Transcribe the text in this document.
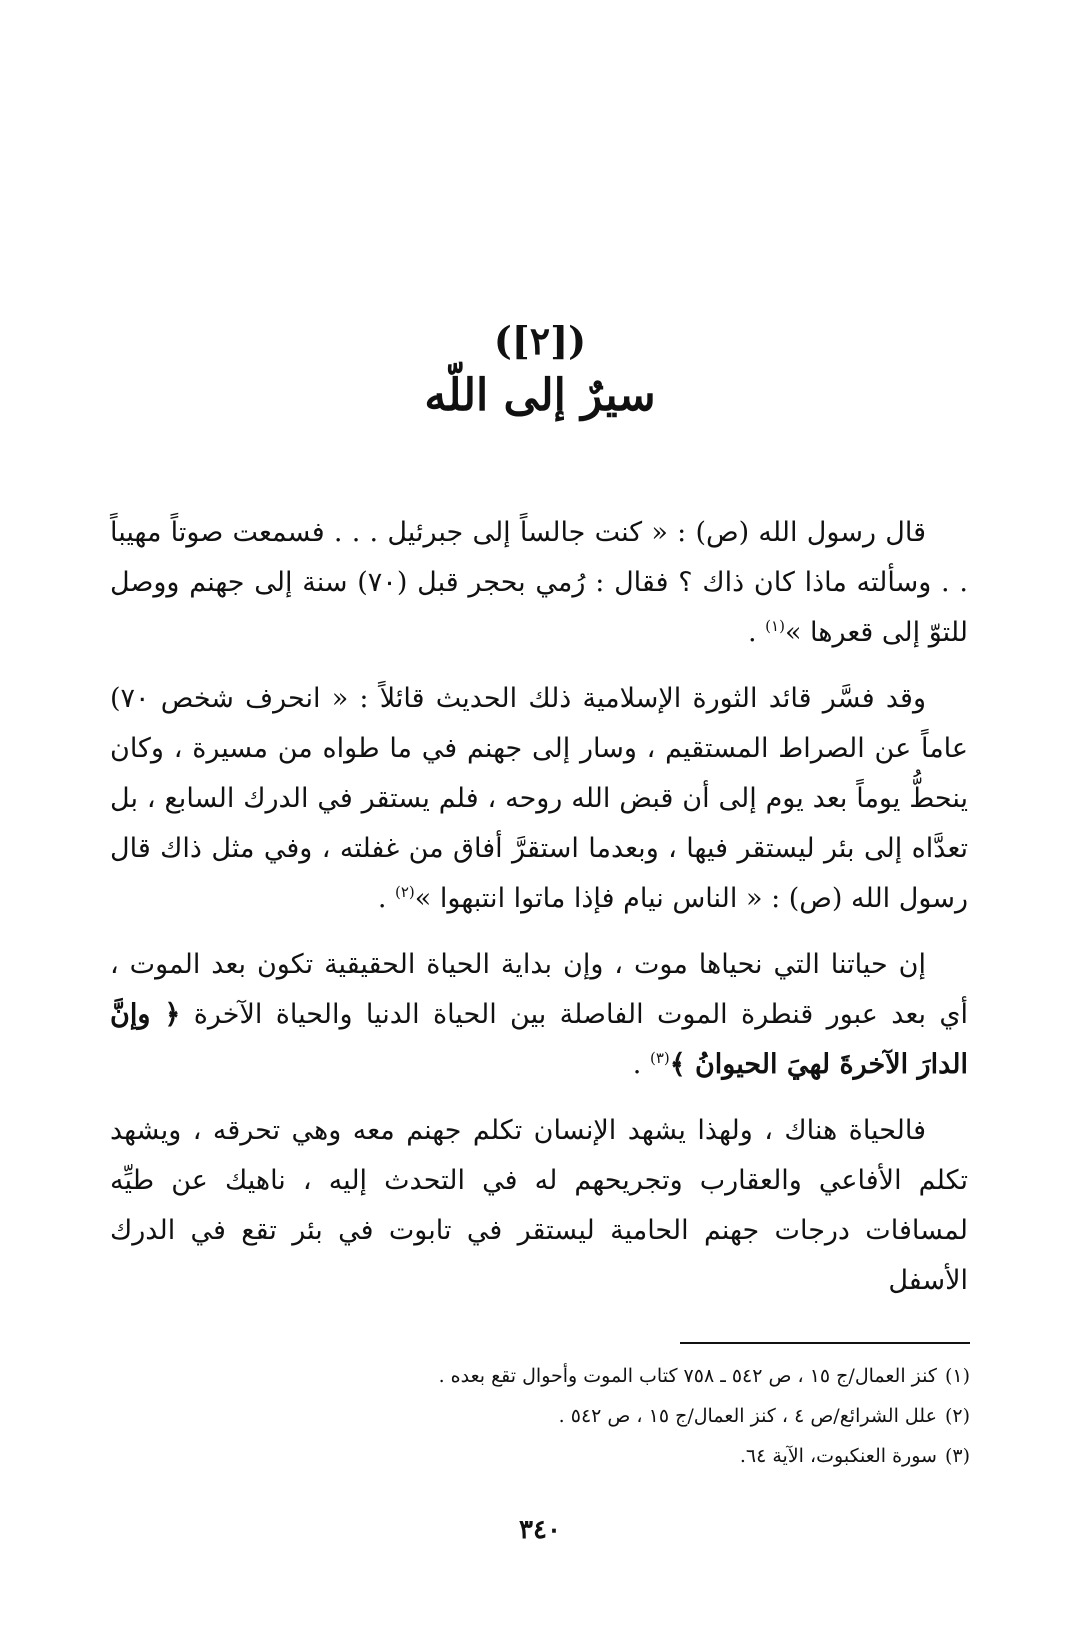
([٢])
سيرٌ إلى اللّه

قال رسول الله (ص) : « كنت جالساً إلى جبرئيل . . . فسمعت صوتاً مهيباً . . وسألته ماذا كان ذاك ؟ فقال : رُمي بحجر قبل (٧٠) سنة إلى جهنم ووصل للتوّ إلى قعرها »$^{(١)}$ .

وقد فسَّر قائد الثورة الإسلامية ذلك الحديث قائلاً : « انحرف شخص ٧٠) عاماً عن الصراط المستقيم ، وسار إلى جهنم في ما طواه من مسيرة ، وكان ينحطُّ يوماً بعد يوم إلى أن قبض الله روحه ، فلم يستقر في الدرك السابع ، بل تعدَّاه إلى بئر ليستقر فيها ، وبعدما استقرَّ أفاق من غفلته ، وفي مثل ذاك قال رسول الله (ص) : « الناس نيام فإذا ماتوا انتبهوا »$^{(٢)}$ .

إن حياتنا التي نحياها موت ، وإن بداية الحياة الحقيقية تكون بعد الموت ، أي بعد عبور قنطرة الموت الفاصلة بين الحياة الدنيا والحياة الآخرة ﴿ وإنَّ الدارَ الآخرةَ لهيَ الحيوانُ ﴾$^{(٣)}$ .

فالحياة هناك ، ولهذا يشهد الإنسان تكلم جهنم معه وهي تحرقه ، ويشهد تكلم الأفاعي والعقارب وتجريحهم له في التحدث إليه ، ناهيك عن طيِّه لمسافات درجات جهنم الحامية ليستقر في تابوت في بئر تقع في الدرك الأسفل

(١)كنز العمال/ج ١٥ ، ص ٥٤٢ ـ ٧٥٨ كتاب الموت وأحوال تقع بعده .
(٢)علل الشرائع/ص ٤ ، كنز العمال/ج ١٥ ، ص ٥٤٢ .
(٣)سورة العنكبوت، الآية ٦٤.
٣٤٠
